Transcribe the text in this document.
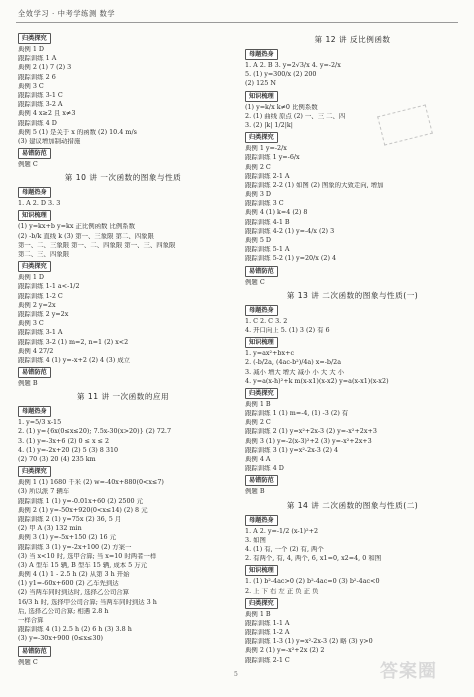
全效学习 · 中考学练测 数学
归类探究
典例 1 D
跟踪训练 1 A
典例 2 (1) 7 (2) 3
跟踪训练 2 6
典例 3 C
跟踪训练 3-1 C
跟踪训练 3-2 A
典例 4 x≥2 且 x≠3
跟踪训练 4 D
典例 5 (1) 是关于 x 的函数 (2) 10.4 m/s
(3) 建议增加制动措施
易错防范
例题 C
第 10 讲 一次函数的图象与性质
母题热身
1. A 2. D 3. 3
知识梳理
(1) y=kx+b y=kx 正比例函数 比例系数
(2) -b/k 直线 k (3) 第一、三象限 第二、四象限
第一、二、三象限 第一、二、四象限 第一、三、四象限
第二、三、四象限
归类探究
典例 1 D
跟踪训练 1-1 a<-1/2
跟踪训练 1-2 C
典例 2 y=2x
跟踪训练 2 y=2x
典例 3 C
跟踪训练 3-1 A
跟踪训练 3-2 (1) m=2, n=1 (2) x<2
典例 4 27/2
跟踪训练 4 (1) y=-x+2 (2) 4 (3) 成立
易错防范
例题 B
第 11 讲 一次函数的应用
母题热身
1. y=5/3 x-15
2. (1) y={6x(0≤x≤20); 7.5x-30(x>20)} (2) 72.7
3. (1) y=-3x+6 (2) 0 ≤ x ≤ 2
4. (1) y=-2x+20 (2) 5 (3) 8 310
(2) 70 (3) 20 (4) 235 km
归类探究
典例 1 (1) 1680 千米 (2) w=-40x+880(0<x≤7)
(3) 所以派 7 辆车
跟踪训练 1 (1) y=-0.01x+60 (2) 2500 元
典例 2 (1) y=-50x+920(0<x≤14) (2) 8 元
跟踪训练 2 (1) y=75x (2) 36, 5 月
(2) 甲 A (3) 132 min
典例 3 (1) y=-5x+150 (2) 16 元
跟踪训练 3 (1) y=-2x+100 (2) 方案一
(3) 当 x<10 时, 选甲合算; 当 x=10 时两者一样
(3) A 型车 15 辆, B 型车 15 辆, 成本 5 万元
典例 4 (1) 1 - 2.5 h (2) 从第 3 h 开始
(1) y1=-60x+600 (2) 乙车先到达
(2) 当两车同时到达时, 选择乙公司合算
16/3 h 时, 选择甲公司合算; 当两车同时到达 3 h
后, 选择乙公司合算; 相遇 2.8 h
一样合算
跟踪训练 4 (1) 2.5 h (2) 6 h (3) 3.8 h
(3) y=-30x+900 (0≤x≤30)
易错防范
例题 C
第 12 讲 反比例函数
母题热身
1. A 2. B 3. y=2√3/x 4. y=-2/x
5. (1) y=300/x (2) 200
(2) 125 N
知识梳理
(1) y=k/x k≠0 比例系数
2. (1) 曲线 原点 (2) 一、三 二、四
3. (2) |k| 1/2|k|
归类探究
典例 1 y=-2/x
跟踪训练 1 y=-6/x
典例 2 C
跟踪训练 2-1 A
跟踪训练 2-2 (1) 如图 (2) 图象的大致走向, 增加
典例 3 D
跟踪训练 3 C
典例 4 (1) k=4 (2) 8
跟踪训练 4-1 B
跟踪训练 4-2 (1) y=-4/x (2) 3
典例 5 D
跟踪训练 5-1 A
跟踪训练 5-2 (1) y=20/x (2) 4
易错防范
例题 C
第 13 讲 二次函数的图象与性质(一)
母题热身
1. C 2. C 3. 2
4. 开口向上 5. (1) 3 (2) 有 6
知识梳理
1. y=ax²+bx+c
2. (-b/2a, (4ac-b²)/4a) x=-b/2a
3. 减小 增大 增大 减小 小 大 大 小
4. y=a(x-h)²+k m(x-x1)(x-x2) y=a(x-x1)(x-x2)
归类探究
典例 1 B
跟踪训练 1 (1) m=-4, (1) -3 (2) 有
典例 2 C
跟踪训练 2 (1) y=x²+2x-3 (2) y=-x²+2x+3
典例 3 (1) y=-2(x-3)²+2 (3) y=-x²+2x+3
跟踪训练 3 (1) y=x²-2x-3 (2) 4
典例 4 A
跟踪训练 4 D
易错防范
例题 B
第 14 讲 二次函数的图象与性质(二)
母题热身
1. A 2. y=-1/2 (x-1)²+2
3. 如图
4. (1) 有, 一个 (2) 有, 两个
2. 有两个, 有, 4, 两个, 6, x1=0, x2=4, 0 和图
知识梳理
1. (1) b²-4ac>0 (2) b²-4ac=0 (3) b²-4ac<0
2. 上 下 右 左 正 负 正 负
归类探究
典例 1 B
跟踪训练 1-1 A
跟踪训练 1-2 A
跟踪训练 1-3 (1) y=x²-2x-3 (2) 略 (3) y>0
典例 2 (1) y=-x²+2x (2) 2
跟踪训练 2-1 C
答案圈
5
